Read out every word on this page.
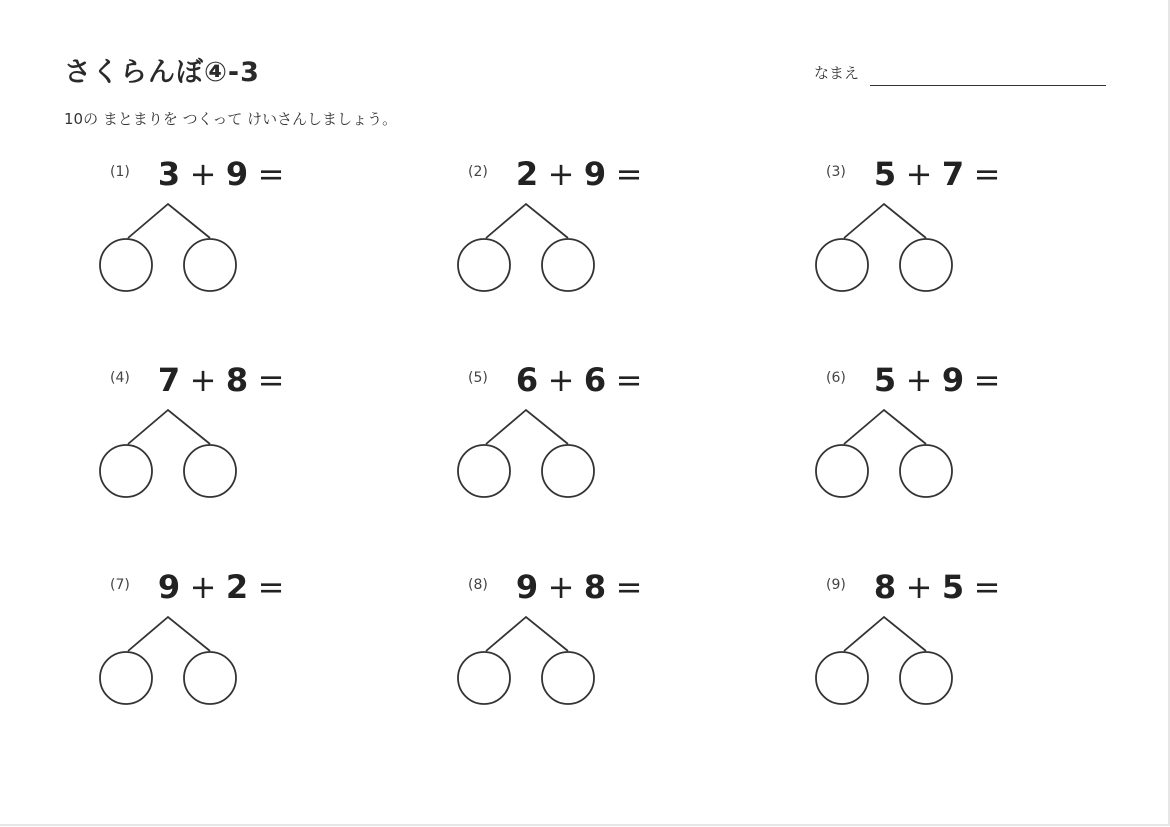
さくらんぼ④-3	なまえ
10の まとまりを つくって けいさんしましょう。
(1) 3 + 9 =	(2) 2 + 9 =	(3) 5 + 7 =
(4) 7 + 8 =	(5) 6 + 6 =	(6) 5 + 9 =
(7) 9 + 2 =	(8) 9 + 8 =	(9) 8 + 5 =
